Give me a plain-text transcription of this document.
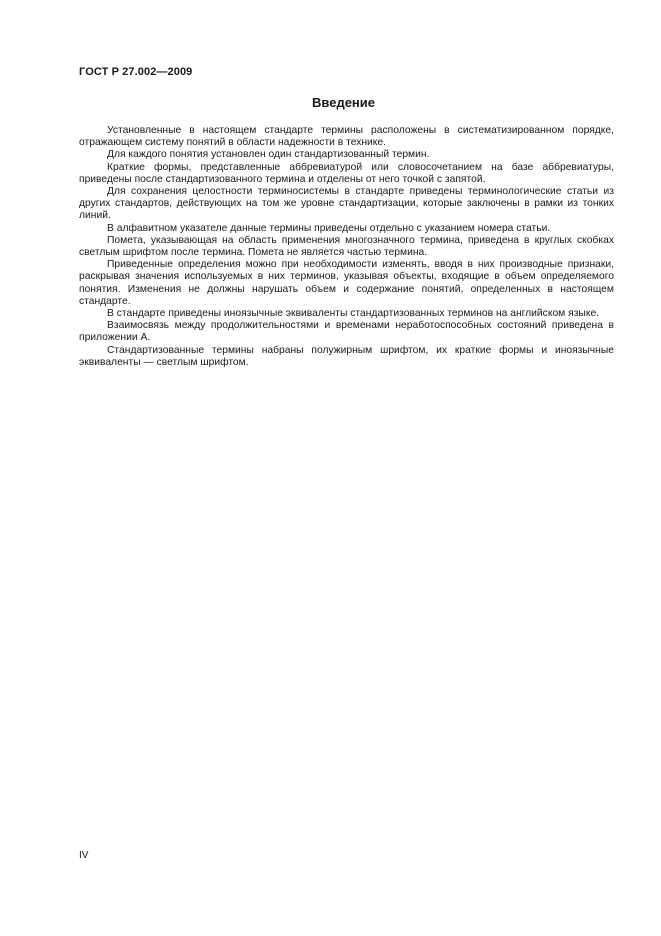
ГОСТ Р 27.002—2009
Введение

Установленные в настоящем стандарте термины расположены в систематизированном порядке, отражающем систему понятий в области надежности в технике.

Для каждого понятия установлен один стандартизованный термин.

Краткие формы, представленные аббревиатурой или словосочетанием на базе аббревиатуры, приведены после стандартизованного термина и отделены от него точкой с запятой.

Для сохранения целостности терминосистемы в стандарте приведены терминологические статьи из других стандартов, действующих на том же уровне стандартизации, которые заключены в рамки из тонких линий.

В алфавитном указателе данные термины приведены отдельно с указанием номера статьи.

Помета, указывающая на область применения многозначного термина, приведена в круглых скобках светлым шрифтом после термина. Помета не является частью термина.

Приведенные определения можно при необходимости изменять, вводя в них производные признаки, раскрывая значения используемых в них терминов, указывая объекты, входящие в объем определяемого понятия. Изменения не должны нарушать объем и содержание понятий, определенных в настоящем стандарте.

В стандарте приведены иноязычные эквиваленты стандартизованных терминов на английском языке.

Взаимосвязь между продолжительностями и временами неработоспособных состояний приведена в приложении А.

Стандартизованные термины набраны полужирным шрифтом, их краткие формы и иноязычные эквиваленты — светлым шрифтом.

IV
